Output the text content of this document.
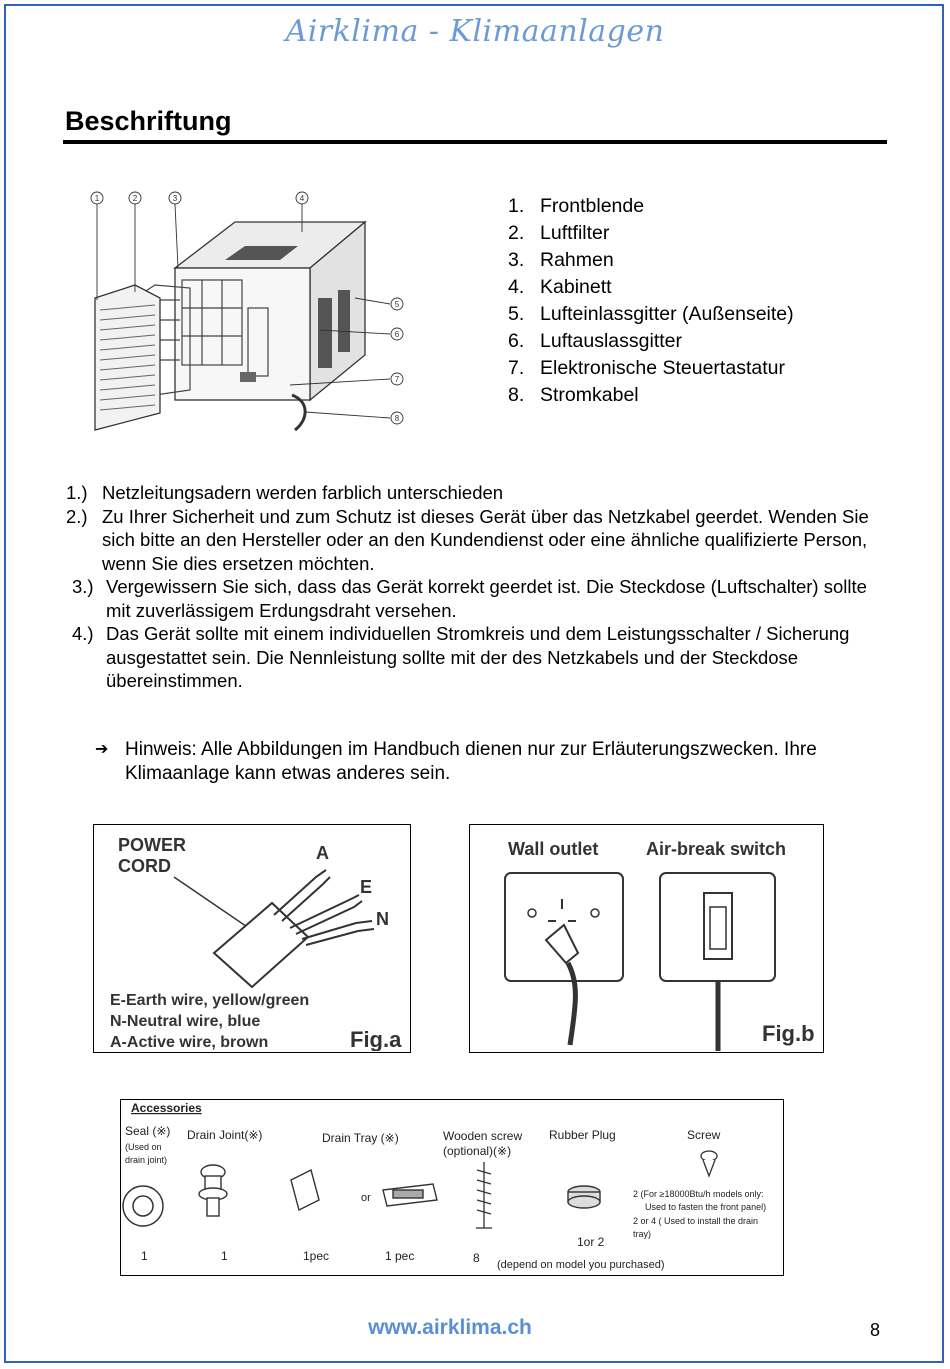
Airklima - Klimaanlagen
Beschriftung
1	2	3	4
5
6
7
8
1. Frontblende
2. Luftfilter
3. Rahmen
4. Kabinett
5. Lufteinlassgitter (Außenseite)
6. Luftauslassgitter
7. Elektronische Steuertastatur
8. Stromkabel
1.) Netzleitungsadern werden farblich unterschieden
2.) Zu Ihrer Sicherheit und zum Schutz ist dieses Gerät über das Netzkabel geerdet. Wenden Sie sich bitte an den Hersteller oder an den Kundendienst oder eine ähnliche qualifizierte Person, wenn Sie dies ersetzen möchten.
3.) Vergewissern Sie sich, dass das Gerät korrekt geerdet ist. Die Steckdose (Luftschalter) sollte mit zuverlässigem Erdungsdraht versehen.
4.) Das Gerät sollte mit einem individuellen Stromkreis und dem Leistungsschalter / Sicherung ausgestattet sein. Die Nennleistung sollte mit der des Netzkabels und der Steckdose übereinstimmen.
➔ Hinweis: Alle Abbildungen im Handbuch dienen nur zur Erläuterungszwecken. Ihre Klimaanlage kann etwas anderes sein.
POWER
CORD
A
E
N
E-Earth wire, yellow/green
N-Neutral wire, blue
A-Active wire, brown	Fig.a
Wall outlet	Air-break switch
Fig.b
Accessories
Seal (※) Drain Joint(※)	Drain Tray (※)	Wooden screw
(optional)(※)
Rubber Plug	Screw
(Used on
drain joint)
2 (For ≥18000Btu/h models only:
Used to fasten the front panel)
2 or 4 ( Used to install the drain
tray)
or
1	1	1pec	1 pec	8
1or 2
(depend on model you purchased)
www.airklima.ch	8
